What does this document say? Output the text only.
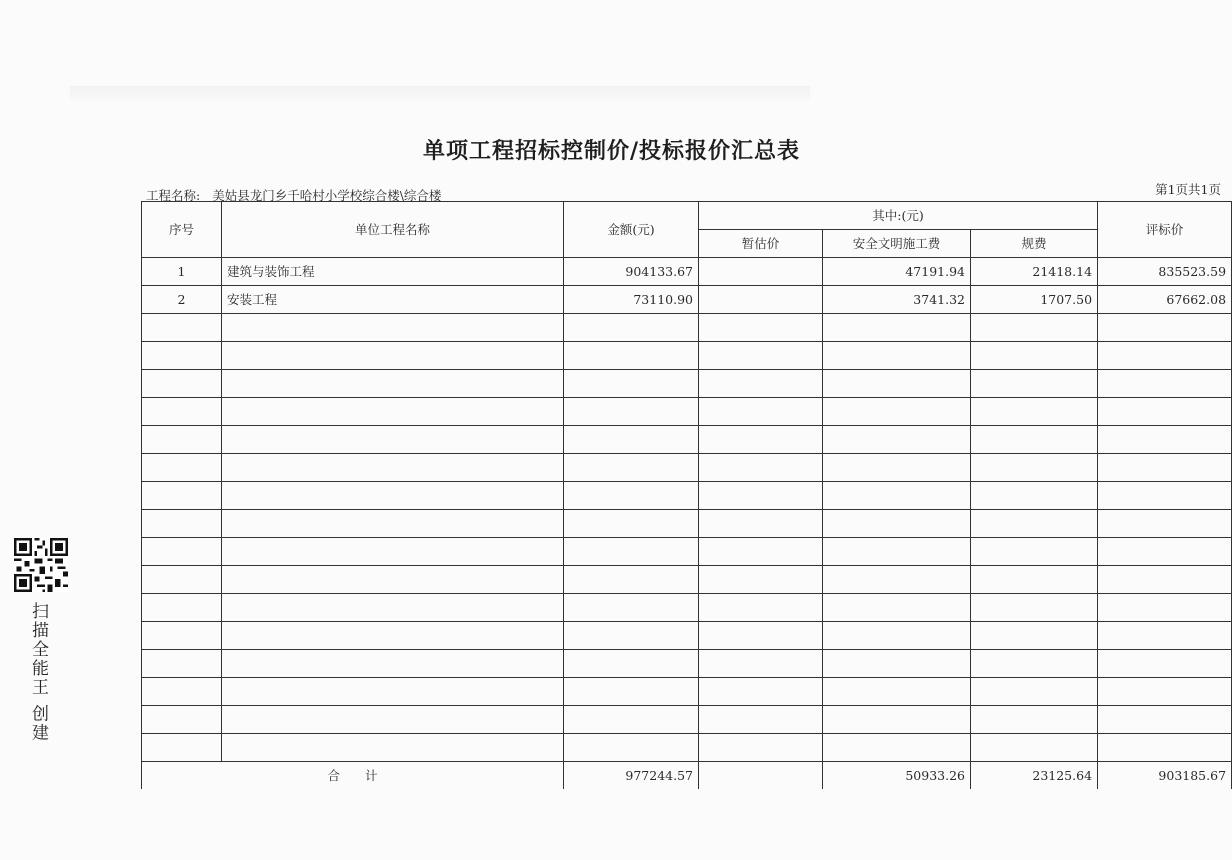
单项工程招标控制价/投标报价汇总表
工程名称: 美姑县龙门乡千哈村小学校综合楼\综合楼	第1页共1页
序号	单位工程名称	金额(元)	其中:(元)			评标价
			暂估价	安全文明施工费	规费	
1	建筑与装饰工程	904133.67		47191.94	21418.14	835523.59
2	安装工程	73110.90		3741.32	1707.50	67662.08

合　　计		977244.57		50933.26	23125.64	903185.67
扫描全能王 创建
